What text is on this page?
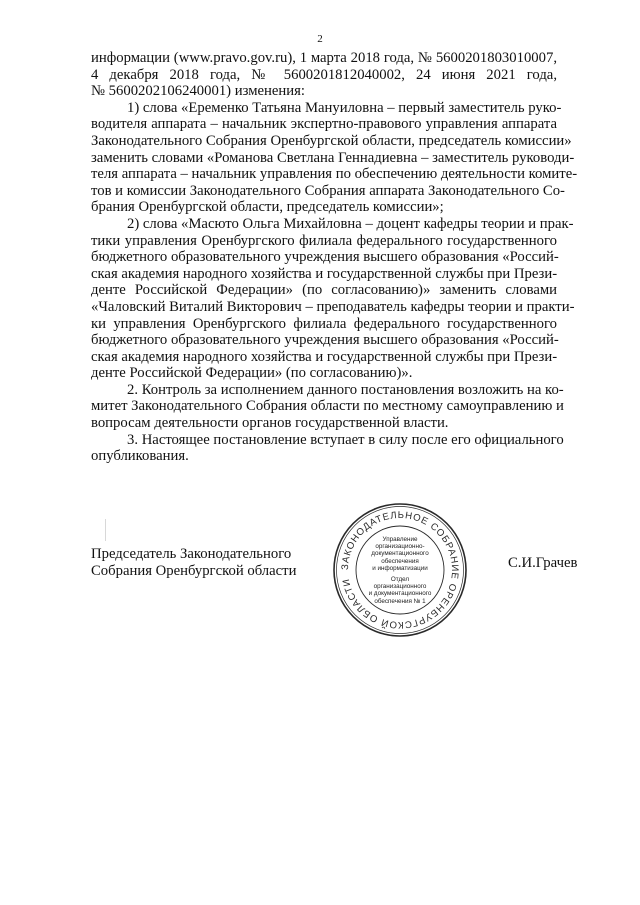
2
информации (www.pravo.gov.ru), 1 марта 2018 года, № 5600201803010007,
4 декабря 2018 года, № 5600201812040002, 24 июня 2021 года,
№ 5600202106240001) изменения:
1) слова «Еременко Татьяна Мануиловна – первый заместитель руко-
водителя аппарата – начальник экспертно-правового управления аппарата
Законодательного Собрания Оренбургской области, председатель комиссии»
заменить словами «Романова Светлана Геннадиевна – заместитель руководи-
теля аппарата – начальник управления по обеспечению деятельности комите-
тов и комиссии Законодательного Собрания аппарата Законодательного Со-
брания Оренбургской области, председатель комиссии»;
2) слова «Масюто Ольга Михайловна – доцент кафедры теории и прак-
тики управления Оренбургского филиала федерального государственного
бюджетного образовательного учреждения высшего образования «Россий-
ская академия народного хозяйства и государственной службы при Прези-
денте Российской Федерации» (по согласованию)» заменить словами
«Чаловский Виталий Викторович – преподаватель кафедры теории и практи-
ки управления Оренбургского филиала федерального государственного
бюджетного образовательного учреждения высшего образования «Россий-
ская академия народного хозяйства и государственной службы при Прези-
денте Российской Федерации» (по согласованию)».
2. Контроль за исполнением данного постановления возложить на ко-
митет Законодательного Собрания области по местному самоуправлению и
вопросам деятельности органов государственной власти.
3. Настоящее постановление вступает в силу после его официального
опубликования.
Председатель Законодательного
Собрания Оренбургской области	ЗАКОНОДАТЕЛЬНОЕ СОБРАНИЕ ОРЕНБУРГСКОЙ ОБЛАСТИ
Управление
организационно-
документационного
обеспечения
и информатизации
Отдел организационного
и документационного
обеспечения № 1
С.И.Грачев
